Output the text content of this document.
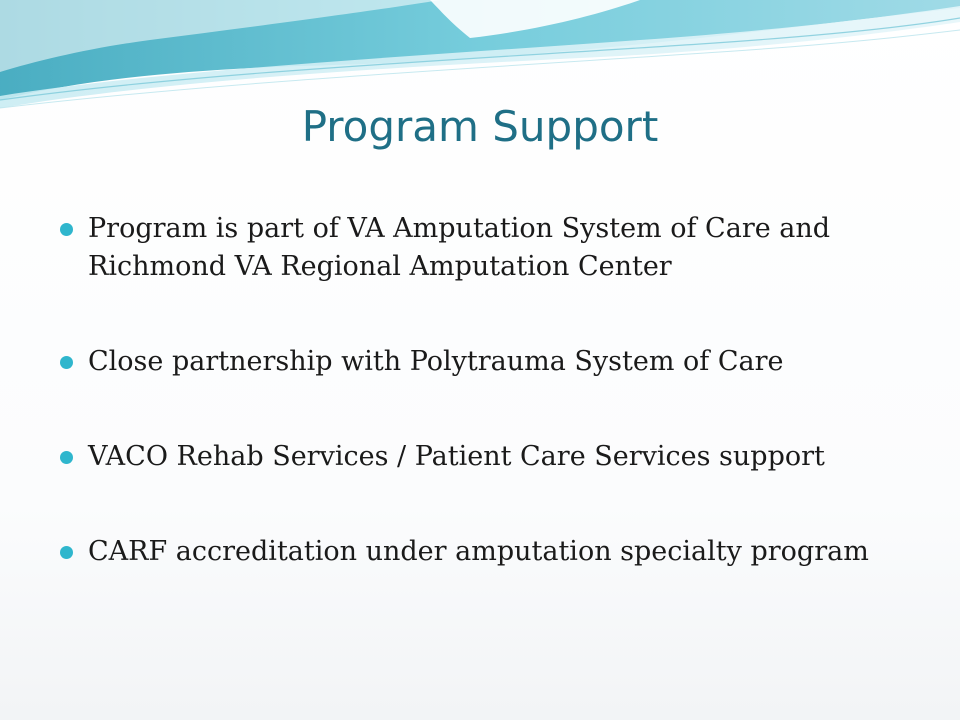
Program Support
Program is part of VA Amputation System of Care and Richmond VA Regional Amputation Center
Close partnership with Polytrauma System of Care
VACO Rehab Services / Patient Care Services support
CARF accreditation under amputation specialty program
